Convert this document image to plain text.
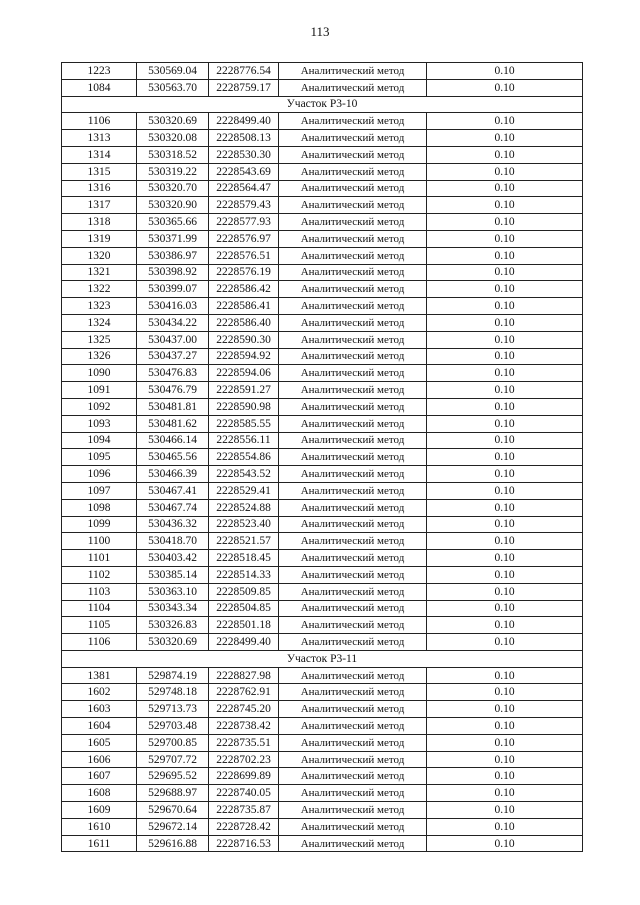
113
1223	530569.04	2228776.54	Аналитический метод	0.10
1084	530563.70	2228759.17	Аналитический метод	0.10
Участок Р3-10				
1106	530320.69	2228499.40	Аналитический метод	0.10
1313	530320.08	2228508.13	Аналитический метод	0.10
1314	530318.52	2228530.30	Аналитический метод	0.10
1315	530319.22	2228543.69	Аналитический метод	0.10
1316	530320.70	2228564.47	Аналитический метод	0.10
1317	530320.90	2228579.43	Аналитический метод	0.10
1318	530365.66	2228577.93	Аналитический метод	0.10
1319	530371.99	2228576.97	Аналитический метод	0.10
1320	530386.97	2228576.51	Аналитический метод	0.10
1321	530398.92	2228576.19	Аналитический метод	0.10
1322	530399.07	2228586.42	Аналитический метод	0.10
1323	530416.03	2228586.41	Аналитический метод	0.10
1324	530434.22	2228586.40	Аналитический метод	0.10
1325	530437.00	2228590.30	Аналитический метод	0.10
1326	530437.27	2228594.92	Аналитический метод	0.10
1090	530476.83	2228594.06	Аналитический метод	0.10
1091	530476.79	2228591.27	Аналитический метод	0.10
1092	530481.81	2228590.98	Аналитический метод	0.10
1093	530481.62	2228585.55	Аналитический метод	0.10
1094	530466.14	2228556.11	Аналитический метод	0.10
1095	530465.56	2228554.86	Аналитический метод	0.10
1096	530466.39	2228543.52	Аналитический метод	0.10
1097	530467.41	2228529.41	Аналитический метод	0.10
1098	530467.74	2228524.88	Аналитический метод	0.10
1099	530436.32	2228523.40	Аналитический метод	0.10
1100	530418.70	2228521.57	Аналитический метод	0.10
1101	530403.42	2228518.45	Аналитический метод	0.10
1102	530385.14	2228514.33	Аналитический метод	0.10
1103	530363.10	2228509.85	Аналитический метод	0.10
1104	530343.34	2228504.85	Аналитический метод	0.10
1105	530326.83	2228501.18	Аналитический метод	0.10
1106	530320.69	2228499.40	Аналитический метод	0.10
Участок Р3-11				
1381	529874.19	2228827.98	Аналитический метод	0.10
1602	529748.18	2228762.91	Аналитический метод	0.10
1603	529713.73	2228745.20	Аналитический метод	0.10
1604	529703.48	2228738.42	Аналитический метод	0.10
1605	529700.85	2228735.51	Аналитический метод	0.10
1606	529707.72	2228702.23	Аналитический метод	0.10
1607	529695.52	2228699.89	Аналитический метод	0.10
1608	529688.97	2228740.05	Аналитический метод	0.10
1609	529670.64	2228735.87	Аналитический метод	0.10
1610	529672.14	2228728.42	Аналитический метод	0.10
1611	529616.88	2228716.53	Аналитический метод	0.10
